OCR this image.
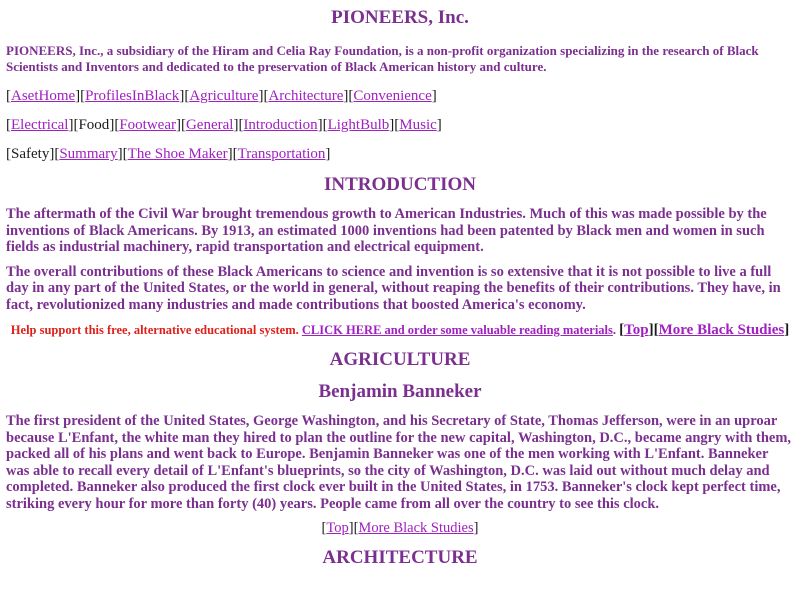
PIONEERS, Inc.

PIONEERS, Inc., a subsidiary of the Hiram and Celia Ray Foundation, is a non-profit organization specializing in the research of Black Scientists and Inventors and dedicated to the preservation of Black American history and culture.

[AsetHome][ProfilesInBlack][Agriculture][Architecture][Convenience]
[Electrical][Food][Footwear][General][Introduction][LightBulb][Music]
[Safety][Summary][The Shoe Maker][Transportation]
INTRODUCTION

The aftermath of the Civil War brought tremendous growth to American Industries. Much of this was made possible by the inventions of Black Americans. By 1913, an estimated 1000 inventions had been patented by Black men and women in such fields as industrial machinery, rapid transportation and electrical equipment.

The overall contributions of these Black Americans to science and invention is so extensive that it is not possible to live a full day in any part of the United States, or the world in general, without reaping the benefits of their contributions. They have, in fact, revolutionized many industries and made contributions that boosted America's economy.

Help support this free, alternative educational system. CLICK HERE and order some valuable reading materials. [Top][More Black Studies]
AGRICULTURE
Benjamin Banneker

The first president of the United States, George Washington, and his Secretary of State, Thomas Jefferson, were in an uproar because L'Enfant, the white man they hired to plan the outline for the new capital, Washington, D.C., became angry with them, packed all of his plans and went back to Europe. Benjamin Banneker was one of the men working with L'Enfant. Banneker was able to recall every detail of L'Enfant's blueprints, so the city of Washington, D.C. was laid out without much delay and completed. Banneker also produced the first clock ever built in the United States, in 1753. Banneker's clock kept perfect time, striking every hour for more than forty (40) years. People came from all over the country to see this clock.

[Top][More Black Studies]
ARCHITECTURE
